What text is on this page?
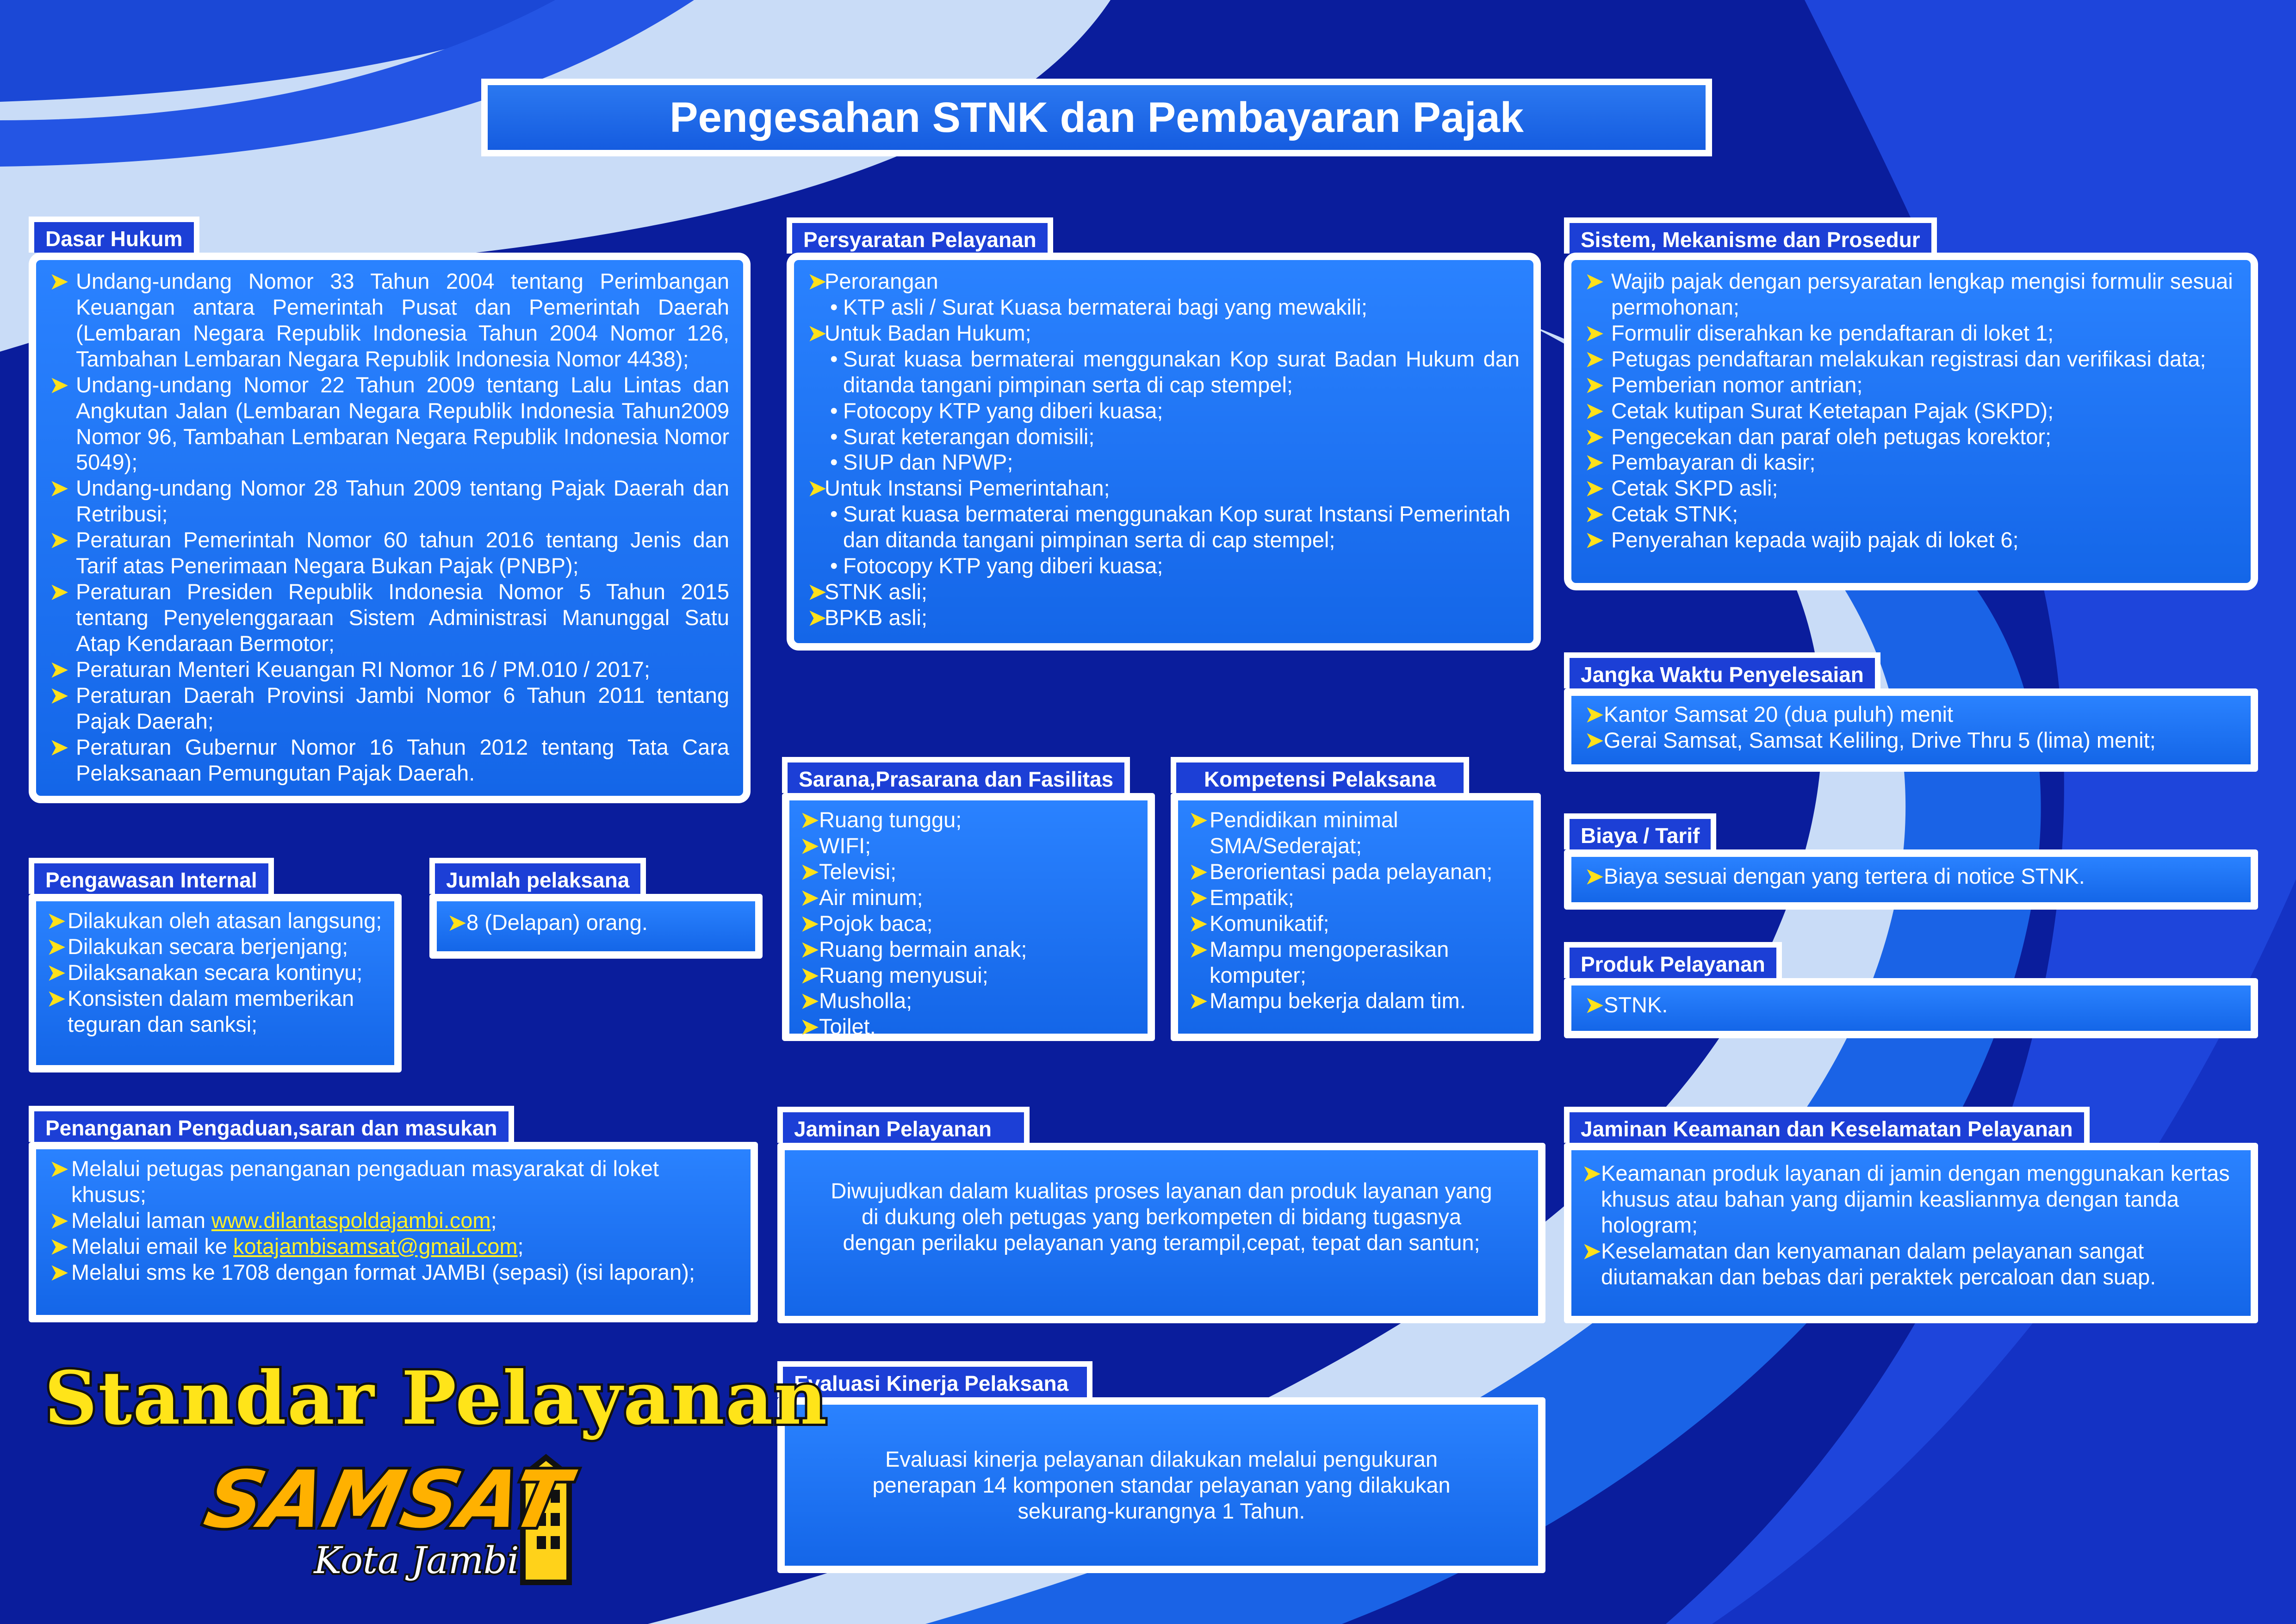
Pengesahan STNK dan Pembayaran Pajak
Dasar Hukum
➤ Undang-undang Nomor 33 Tahun 2004 tentang Perimbangan Keuangan antara Pemerintah Pusat dan Pemerintah Daerah (Lembaran Negara Republik Indonesia Tahun 2004 Nomor 126, Tambahan Lembaran Negara Republik Indonesia Nomor 4438);
➤ Undang-undang Nomor 22 Tahun 2009 tentang Lalu Lintas dan Angkutan Jalan (Lembaran Negara Republik Indonesia Tahun2009 Nomor 96, Tambahan Lembaran Negara Republik Indonesia Nomor 5049);
➤ Undang-undang Nomor 28 Tahun 2009 tentang Pajak Daerah dan Retribusi;
➤ Peraturan Pemerintah Nomor 60 tahun 2016 tentang Jenis dan Tarif atas Penerimaan Negara Bukan Pajak (PNBP);
➤ Peraturan Presiden Republik Indonesia Nomor 5 Tahun 2015 tentang Penyelenggaraan Sistem Administrasi Manunggal Satu Atap Kendaraan Bermotor;
➤ Peraturan Menteri Keuangan RI Nomor 16 / PM.010 / 2017;
➤ Peraturan Daerah Provinsi Jambi Nomor 6 Tahun 2011 tentang Pajak Daerah;
➤ Peraturan Gubernur Nomor 16 Tahun 2012 tentang Tata Cara Pelaksanaan Pemungutan Pajak Daerah.
Persyaratan Pelayanan
➤
Perorangan
• KTP asli / Surat Kuasa bermaterai bagi yang mewakili;
➤
Untuk Badan Hukum;
• Surat kuasa bermaterai menggunakan Kop surat Badan Hukum dan ditanda tangani pimpinan serta di cap stempel;
• Fotocopy KTP yang diberi kuasa;
• Surat keterangan domisili;
• SIUP dan NPWP;
➤
Untuk Instansi Pemerintahan;
• Surat kuasa bermaterai menggunakan Kop surat Instansi Pemerintah dan ditanda tangani pimpinan serta di cap stempel;
• Fotocopy KTP yang diberi kuasa;
➤
STNK asli;
➤
BPKB asli;
Sistem, Mekanisme dan Prosedur
➤ Wajib pajak dengan persyaratan lengkap mengisi formulir sesuai permohonan;
➤ Formulir diserahkan ke pendaftaran di loket 1;
➤ Petugas pendaftaran melakukan registrasi dan verifikasi data;
➤ Pemberian nomor antrian;
➤ Cetak kutipan Surat Ketetapan Pajak (SKPD);
➤ Pengecekan dan paraf oleh petugas korektor;
➤ Pembayaran di kasir;
➤ Cetak SKPD asli;
➤ Cetak STNK;
➤ Penyerahan kepada wajib pajak di loket 6;
Jangka Waktu Penyelesaian
➤ Kantor Samsat 20 (dua puluh) menit
➤ Gerai Samsat, Samsat Keliling, Drive Thru 5 (lima) menit;
Biaya / Tarif
➤ Biaya sesuai dengan yang tertera di notice STNK.
Produk Pelayanan
➤ STNK.
Sarana,Prasarana dan Fasilitas
➤ Ruang tunggu;
➤ WIFI;
➤ Televisi;
➤ Air minum;
➤ Pojok baca;
➤ Ruang bermain anak;
➤ Ruang menyusui;
➤ Musholla;
➤ Toilet.
Kompetensi Pelaksana
➤ Pendidikan minimal SMA/Sederajat;
➤ Berorientasi pada pelayanan;
➤ Empatik;
➤ Komunikatif;
➤ Mampu mengoperasikan komputer;
➤ Mampu bekerja dalam tim.
Pengawasan Internal
➤ Dilakukan oleh atasan langsung;
➤ Dilakukan secara berjenjang;
➤ Dilaksanakan secara kontinyu;
➤ Konsisten dalam memberikan teguran dan sanksi;
Jumlah pelaksana
➤ 8 (Delapan) orang.
Penanganan Pengaduan,saran dan masukan
➤ Melalui petugas penanganan pengaduan masyarakat di loket khusus;
➤ Melalui laman www.dilantaspoldajambi.com;
➤ Melalui email ke kotajambisamsat@gmail.com;
➤ Melalui sms ke 1708 dengan format JAMBI (sepasi) (isi laporan);
Jaminan Pelayanan
Diwujudkan dalam kualitas proses layanan dan produk layanan yang di dukung oleh petugas yang berkompeten di bidang tugasnya dengan perilaku pelayanan yang terampil,cepat, tepat dan santun;
Jaminan Keamanan dan Keselamatan Pelayanan
➤ Keamanan produk layanan di jamin dengan menggunakan kertas khusus atau bahan yang dijamin keaslianmya dengan tanda hologram;
➤ Keselamatan dan kenyamanan dalam pelayanan sangat diutamakan dan bebas dari peraktek percaloan dan suap.
Evaluasi Kinerja Pelaksana
Evaluasi kinerja pelayanan dilakukan melalui pengukuran penerapan 14 komponen standar pelayanan yang dilakukan sekurang-kurangnya 1 Tahun.
Standar Pelayanan
SAMSAT
Kota Jambi
